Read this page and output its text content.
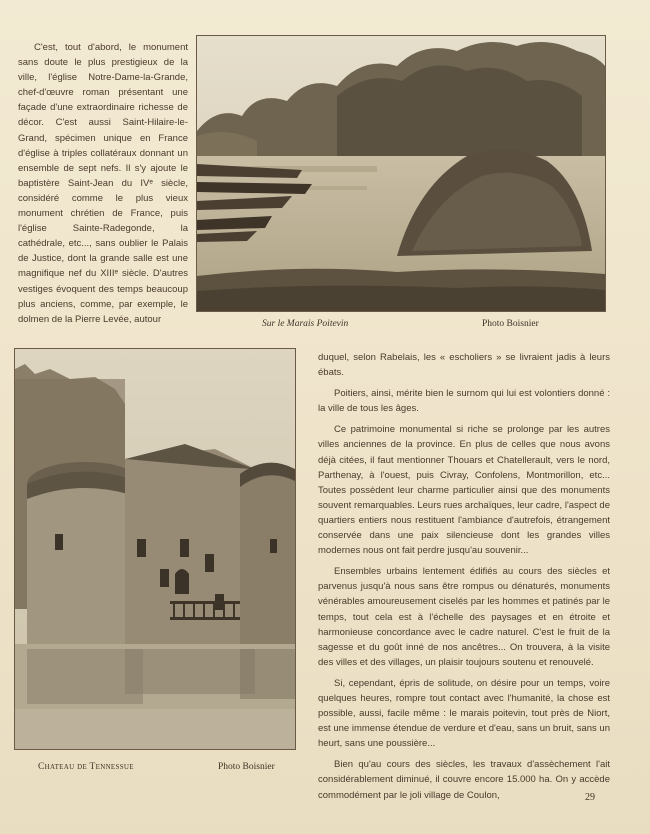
C'est, tout d'abord, le monument sans doute le plus prestigieux de la ville, l'église Notre-Dame-la-Grande, chef-d'œuvre roman présentant une façade d'une extraordinaire richesse de décor. C'est aussi Saint-Hilaire-le-Grand, spécimen unique en France d'église à triples collatéraux donnant un ensemble de sept nefs. Il s'y ajoute le baptistère Saint-Jean du IVᵉ siècle, considéré comme le plus vieux monument chrétien de France, puis l'église Sainte-Radegonde, la cathédrale, etc..., sans oublier le Palais de Justice, dont la grande salle est une magnifique nef du XIIIᵉ siècle. D'autres vestiges évoquent des temps beaucoup plus anciens, comme, par exemple, le dolmen de la Pierre Levée, autour	Sur le Marais Poitevin	Photo Boisnier
Chateau de Tennessue	Photo Boisnier

duquel, selon Rabelais, les « escholiers » se livraient jadis à leurs ébats.

Poitiers, ainsi, mérite bien le surnom qui lui est volontiers donné : la ville de tous les âges.

Ce patrimoine monumental si riche se prolonge par les autres villes anciennes de la province. En plus de celles que nous avons déjà citées, il faut mentionner Thouars et Chatellerault, vers le nord, Parthenay, à l'ouest, puis Civray, Confolens, Montmorillon, etc... Toutes possèdent leur charme particulier ainsi que des monuments souvent remarquables. Leurs rues archaïques, leur cadre, l'aspect de quartiers entiers nous restituent l'ambiance d'autrefois, étrangement conservée dans une paix silencieuse dont les grandes villes modernes nous ont fait perdre jusqu'au souvenir...

Ensembles urbains lentement édifiés au cours des siècles et parvenus jusqu'à nous sans être rompus ou dénaturés, monuments vénérables amoureusement ciselés par les hommes et patinés par le temps, tout cela est à l'échelle des paysages et en étroite et harmonieuse concordance avec le cadre naturel. C'est le fruit de la sagesse et du goût inné de nos ancêtres... On trouvera, à la visite des villes et des villages, un plaisir toujours soutenu et renouvelé.

Si, cependant, épris de solitude, on désire pour un temps, voire quelques heures, rompre tout contact avec l'humanité, la chose est possible, aussi, facile même : le marais poitevin, tout près de Niort, est une immense étendue de verdure et d'eau, sans un bruit, sans un heurt, sans une poussière...

Bien qu'au cours des siècles, les travaux d'assèchement l'ait considérablement diminué, il couvre encore 15.000 ha. On y accède commodément par le joli village de Coulon,	29
